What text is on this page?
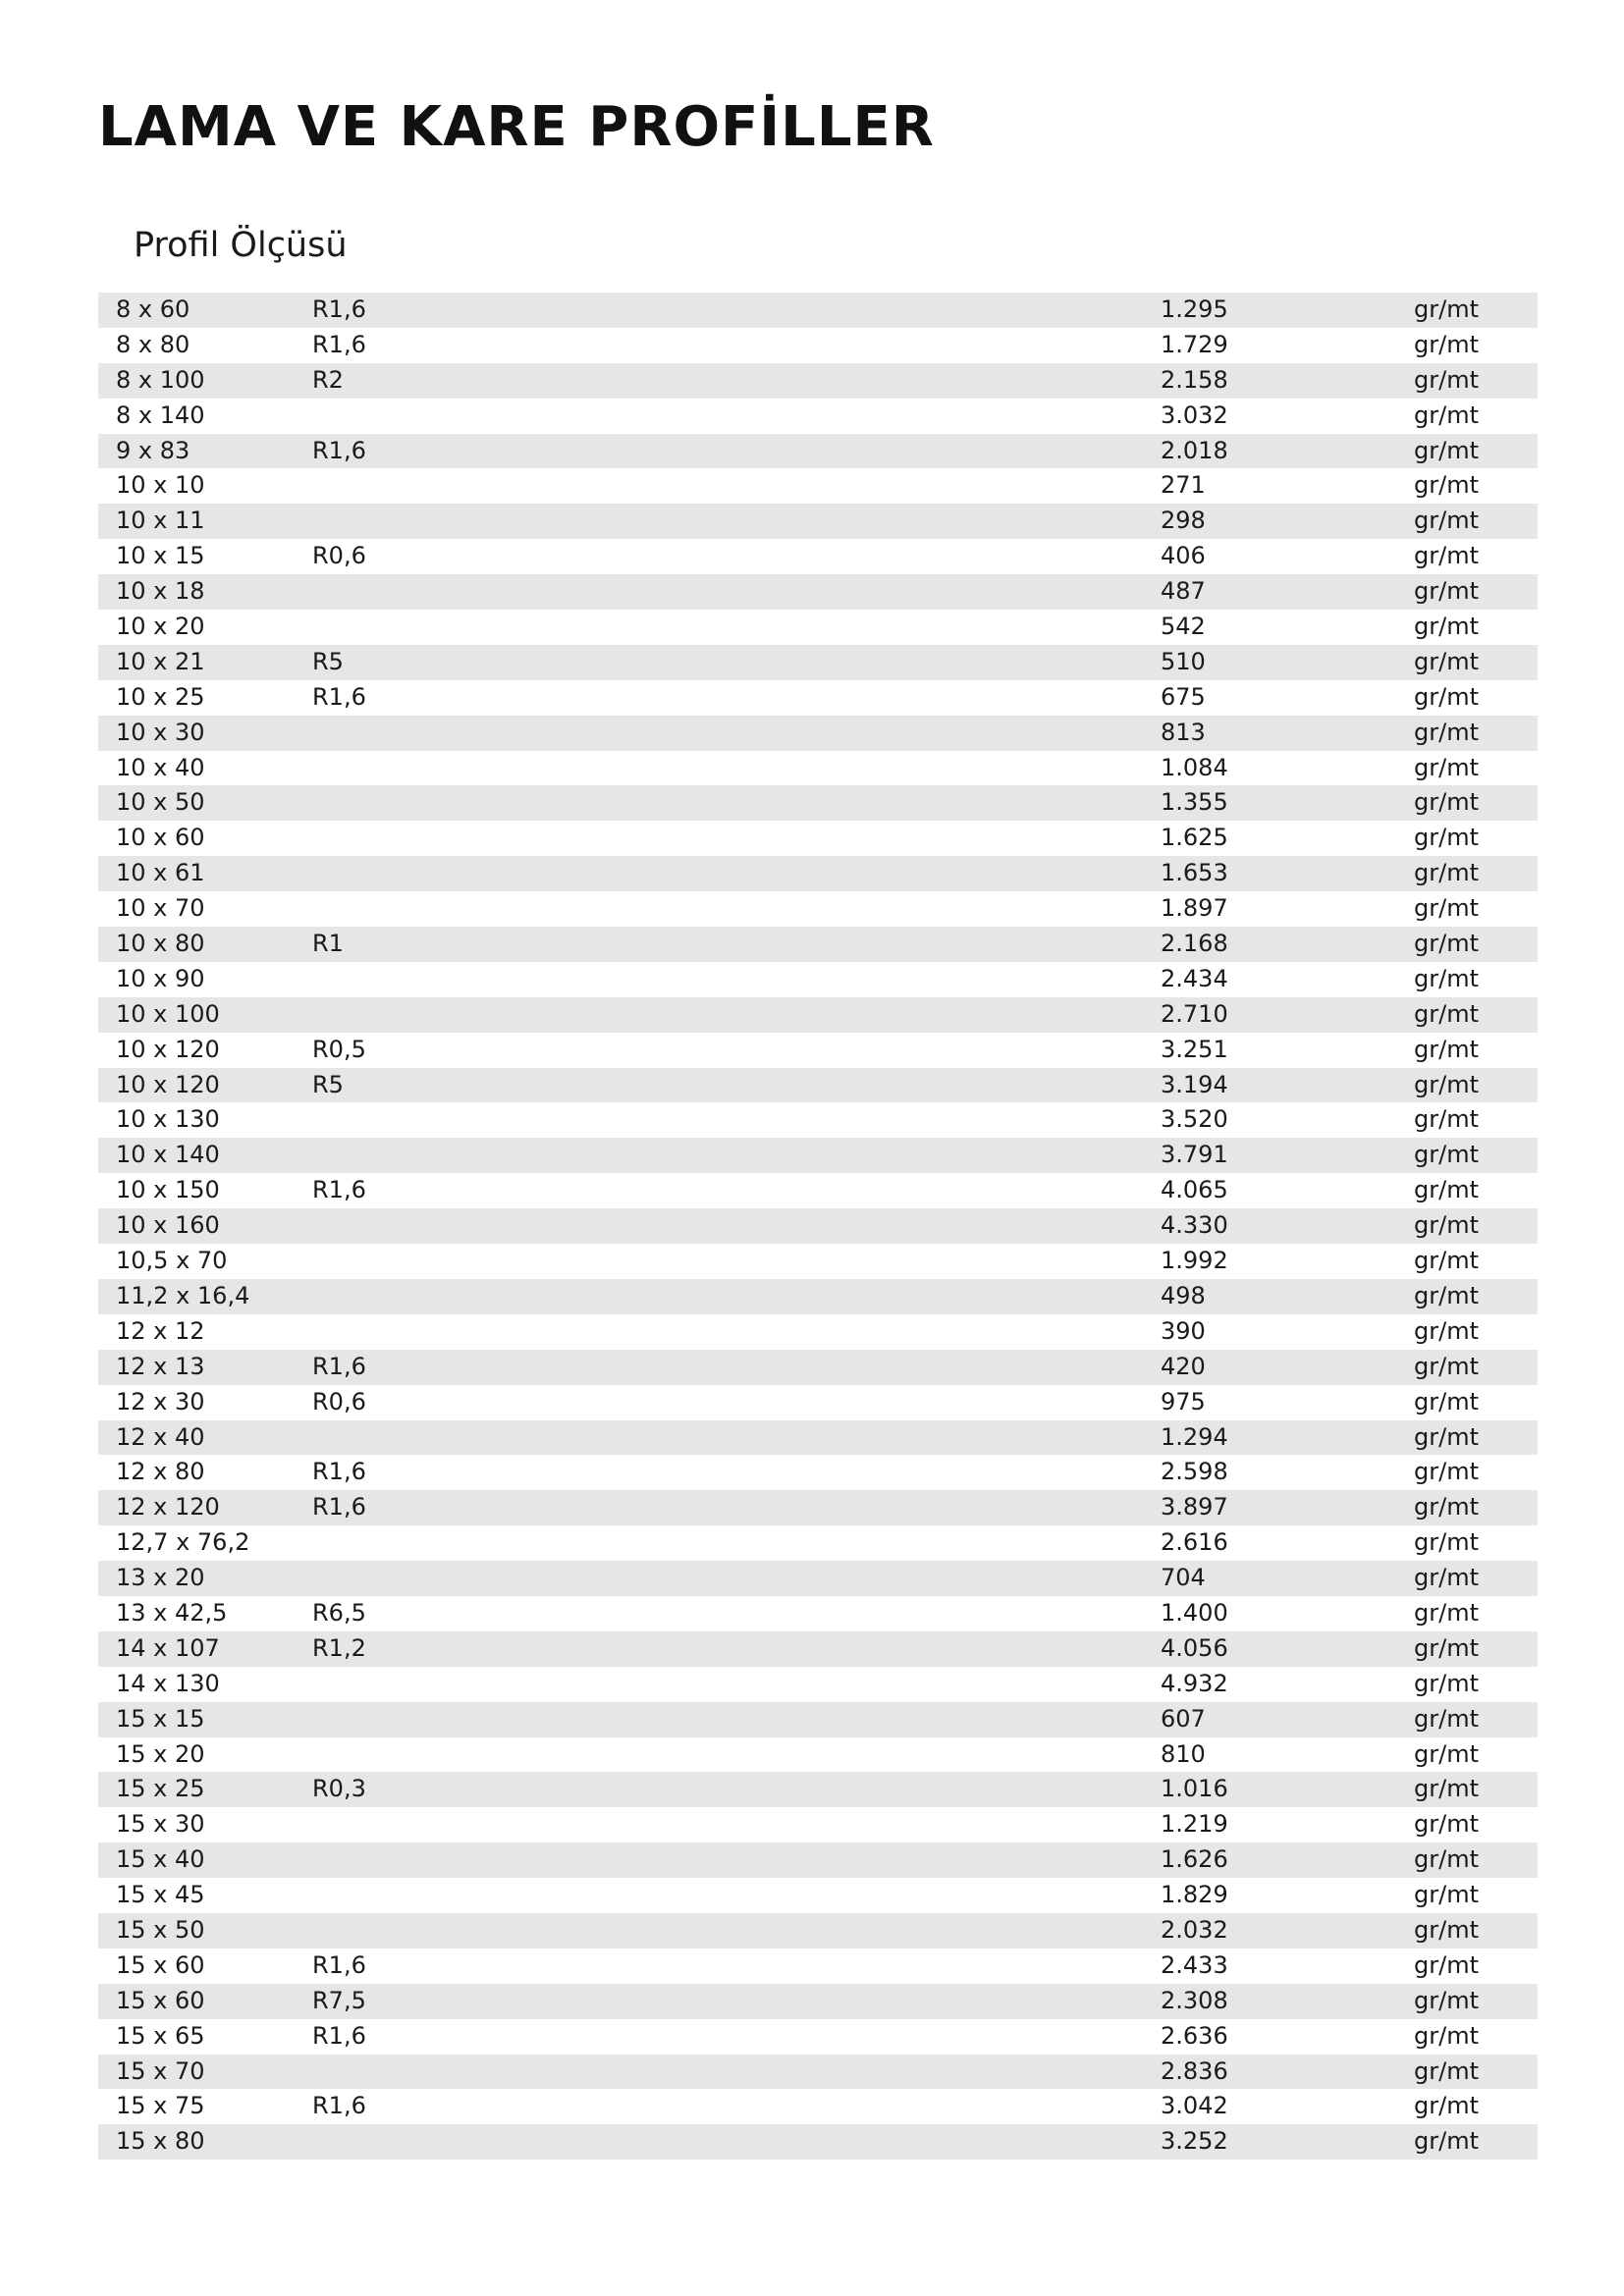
LAMA VE KARE PROFİLLER
Profil Ölçüsü
8 x 60	R1,6	1.295	gr/mt
8 x 80	R1,6	1.729	gr/mt
8 x 100	R2	2.158	gr/mt
8 x 140	3.032	gr/mt
9 x 83	R1,6	2.018	gr/mt
10 x 10	271	gr/mt
10 x 11	298	gr/mt
10 x 15	R0,6	406	gr/mt
10 x 18	487	gr/mt
10 x 20	542	gr/mt
10 x 21	R5	510	gr/mt
10 x 25	R1,6	675	gr/mt
10 x 30	813	gr/mt
10 x 40	1.084	gr/mt
10 x 50	1.355	gr/mt
10 x 60	1.625	gr/mt
10 x 61	1.653	gr/mt
10 x 70	1.897	gr/mt
10 x 80	R1	2.168	gr/mt
10 x 90	2.434	gr/mt
10 x 100	2.710	gr/mt
10 x 120	R0,5	3.251	gr/mt
10 x 120	R5	3.194	gr/mt
10 x 130	3.520	gr/mt
10 x 140	3.791	gr/mt
10 x 150	R1,6	4.065	gr/mt
10 x 160	4.330	gr/mt
10,5 x 70	1.992	gr/mt
11,2 x 16,4	498	gr/mt
12 x 12	390	gr/mt
12 x 13	R1,6	420	gr/mt
12 x 30	R0,6	975	gr/mt
12 x 40	1.294	gr/mt
12 x 80	R1,6	2.598	gr/mt
12 x 120	R1,6	3.897	gr/mt
12,7 x 76,2	2.616	gr/mt
13 x 20	704	gr/mt
13 x 42,5	R6,5	1.400	gr/mt
14 x 107	R1,2	4.056	gr/mt
14 x 130	4.932	gr/mt
15 x 15	607	gr/mt
15 x 20	810	gr/mt
15 x 25	R0,3	1.016	gr/mt
15 x 30	1.219	gr/mt
15 x 40	1.626	gr/mt
15 x 45	1.829	gr/mt
15 x 50	2.032	gr/mt
15 x 60	R1,6	2.433	gr/mt
15 x 60	R7,5	2.308	gr/mt
15 x 65	R1,6	2.636	gr/mt
15 x 70	2.836	gr/mt
15 x 75	R1,6	3.042	gr/mt
15 x 80	3.252	gr/mt
